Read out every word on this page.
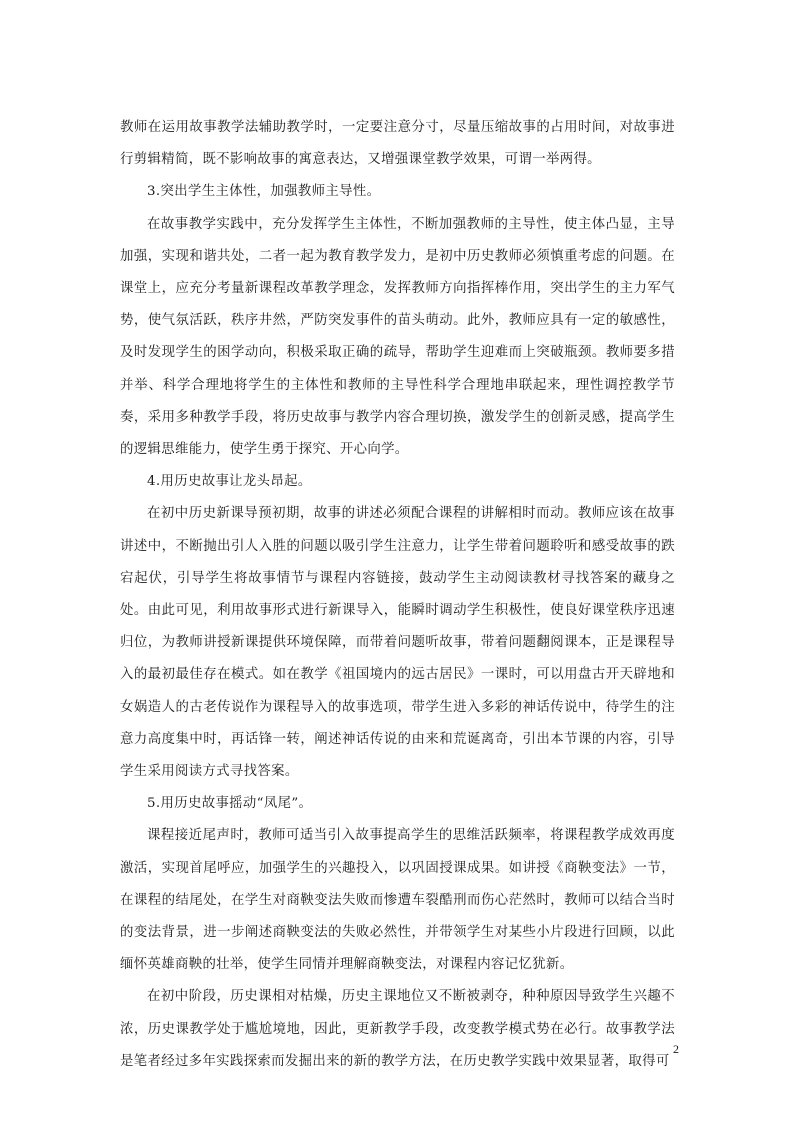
教师在运用故事教学法辅助教学时，一定要注意分寸，尽量压缩故事的占用时间，对故事进行剪辑精简，既不影响故事的寓意表达，又增强课堂教学效果，可谓一举两得。

3.突出学生主体性，加强教师主导性。

在故事教学实践中，充分发挥学生主体性，不断加强教师的主导性，使主体凸显，主导加强，实现和谐共处，二者一起为教育教学发力，是初中历史教师必须慎重考虑的问题。在课堂上，应充分考量新课程改革教学理念，发挥教师方向指挥棒作用，突出学生的主力军气势，使气氛活跃，秩序井然，严防突发事件的苗头萌动。此外，教师应具有一定的敏感性，及时发现学生的困学动向，积极采取正确的疏导，帮助学生迎难而上突破瓶颈。教师要多措并举、科学合理地将学生的主体性和教师的主导性科学合理地串联起来，理性调控教学节奏，采用多种教学手段，将历史故事与教学内容合理切换，激发学生的创新灵感，提高学生的逻辑思维能力，使学生勇于探究、开心向学。

4.用历史故事让龙头昂起。

在初中历史新课导预初期，故事的讲述必须配合课程的讲解相时而动。教师应该在故事讲述中，不断抛出引人入胜的问题以吸引学生注意力，让学生带着问题聆听和感受故事的跌宕起伏，引导学生将故事情节与课程内容链接，鼓动学生主动阅读教材寻找答案的藏身之处。由此可见，利用故事形式进行新课导入，能瞬时调动学生积极性，使良好课堂秩序迅速归位，为教师讲授新课提供环境保障，而带着问题听故事，带着问题翻阅课本，正是课程导入的最初最佳存在模式。如在教学《祖国境内的远古居民》一课时，可以用盘古开天辟地和女娲造人的古老传说作为课程导入的故事选项，带学生进入多彩的神话传说中，待学生的注意力高度集中时，再话锋一转，阐述神话传说的由来和荒诞离奇，引出本节课的内容，引导学生采用阅读方式寻找答案。

5.用历史故事摇动“凤尾”。

课程接近尾声时，教师可适当引入故事提高学生的思维活跃频率，将课程教学成效再度激活，实现首尾呼应，加强学生的兴趣投入，以巩固授课成果。如讲授《商鞅变法》一节，在课程的结尾处，在学生对商鞅变法失败而惨遭车裂酷刑而伤心茫然时，教师可以结合当时的变法背景，进一步阐述商鞅变法的失败必然性，并带领学生对某些小片段进行回顾，以此缅怀英雄商鞅的壮举，使学生同情并理解商鞅变法，对课程内容记忆犹新。

在初中阶段，历史课相对枯燥，历史主课地位又不断被剥夺，种种原因导致学生兴趣不浓，历史课教学处于尴尬境地，因此，更新教学手段，改变教学模式势在必行。故事教学法是笔者经过多年实践探索而发掘出来的新的教学方法，在历史教学实践中效果显著，取得可

2
